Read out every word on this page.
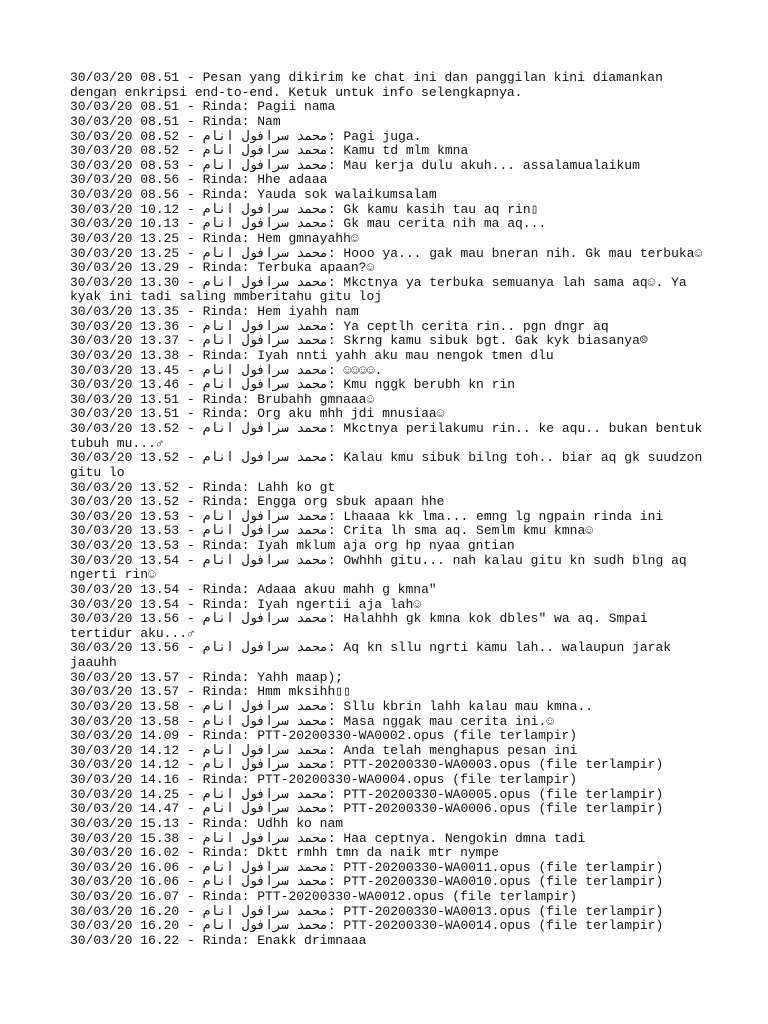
30/03/20 08.51 - Pesan yang dikirim ke chat ini dan panggilan kini diamankan dengan enkripsi end-to-end. Ketuk untuk info selengkapnya.
30/03/20 08.51 - Rinda: Pagii nama
30/03/20 08.51 - Rinda: Nam
30/03/20 08.52 - محمد سرافول انام: Pagi juga.
30/03/20 08.52 - محمد سرافول انام: Kamu td mlm kmna
30/03/20 08.53 - محمد سرافول انام: Mau kerja dulu akuh... assalamualaikum
30/03/20 08.56 - Rinda: Hhe adaaa
30/03/20 08.56 - Rinda: Yauda sok walaikumsalam
30/03/20 10.12 - محمد سرافول انام: Gk kamu kasih tau aq rin▯
30/03/20 10.13 - محمد سرافول انام: Gk mau cerita nih ma aq...
30/03/20 13.25 - Rinda: Hem gmnayahh☺
30/03/20 13.25 - محمد سرافول انام: Hooo ya... gak mau bneran nih. Gk mau terbuka☺
30/03/20 13.29 - Rinda: Terbuka apaan?☺
30/03/20 13.30 - محمد سرافول انام: Mkctnya ya terbuka semuanya lah sama aq☺. Ya kyak ini tadi saling mmberitahu gitu loj
30/03/20 13.35 - Rinda: Hem iyahh nam
30/03/20 13.36 - محمد سرافول انام: Ya ceptlh cerita rin.. pgn dngr aq
30/03/20 13.37 - محمد سرافول انام: Skrng kamu sibuk bgt. Gak kyk biasanya☹
30/03/20 13.38 - Rinda: Iyah nnti yahh aku mau nengok tmen dlu
30/03/20 13.45 - محمد سرافول انام: ☺☺☺☺.
30/03/20 13.46 - محمد سرافول انام: Kmu nggk berubh kn rin
30/03/20 13.51 - Rinda: Brubahh gmnaaa☺
30/03/20 13.51 - Rinda: Org aku mhh jdi mnusiaa☺
30/03/20 13.52 - محمد سرافول انام: Mkctnya perilakumu rin.. ke aqu.. bukan bentuk tubuh mu...♂
30/03/20 13.52 - محمد سرافول انام: Kalau kmu sibuk bilng toh.. biar aq gk suudzon gitu lo
30/03/20 13.52 - Rinda: Lahh ko gt
30/03/20 13.52 - Rinda: Engga org sbuk apaan hhe
30/03/20 13.53 - محمد سرافول انام: Lhaaaa kk lma... emng lg ngpain rinda ini
30/03/20 13.53 - محمد سرافول انام: Crita lh sma aq. Semlm kmu kmna☺
30/03/20 13.53 - Rinda: Iyah mklum aja org hp nyaa gntian
30/03/20 13.54 - محمد سرافول انام: Owhhh gitu... nah kalau gitu kn sudh blng aq ngerti rin☺
30/03/20 13.54 - Rinda: Adaaa akuu mahh g kmna"
30/03/20 13.54 - Rinda: Iyah ngertii aja lah☺
30/03/20 13.56 - محمد سرافول انام: Halahhh gk kmna kok dbles" wa aq. Smpai tertidur aku...♂
30/03/20 13.56 - محمد سرافول انام: Aq kn sllu ngrti kamu lah.. walaupun jarak jaauhh
30/03/20 13.57 - Rinda: Yahh maap);
30/03/20 13.57 - Rinda: Hmm mksihh▯▯
30/03/20 13.58 - محمد سرافول انام: Sllu kbrin lahh kalau mau kmna..
30/03/20 13.58 - محمد سرافول انام: Masa nggak mau cerita ini.☺
30/03/20 14.09 - Rinda: PTT-20200330-WA0002.opus (file terlampir)
30/03/20 14.12 - محمد سرافول انام: Anda telah menghapus pesan ini
30/03/20 14.12 - محمد سرافول انام: PTT-20200330-WA0003.opus (file terlampir)
30/03/20 14.16 - Rinda: PTT-20200330-WA0004.opus (file terlampir)
30/03/20 14.25 - محمد سرافول انام: PTT-20200330-WA0005.opus (file terlampir)
30/03/20 14.47 - محمد سرافول انام: PTT-20200330-WA0006.opus (file terlampir)
30/03/20 15.13 - Rinda: Udhh ko nam
30/03/20 15.38 - محمد سرافول انام: Haa ceptnya. Nengokin dmna tadi
30/03/20 16.02 - Rinda: Dktt rmhh tmn da naik mtr nympe
30/03/20 16.06 - محمد سرافول انام: PTT-20200330-WA0011.opus (file terlampir)
30/03/20 16.06 - محمد سرافول انام: PTT-20200330-WA0010.opus (file terlampir)
30/03/20 16.07 - Rinda: PTT-20200330-WA0012.opus (file terlampir)
30/03/20 16.20 - محمد سرافول انام: PTT-20200330-WA0013.opus (file terlampir)
30/03/20 16.20 - محمد سرافول انام: PTT-20200330-WA0014.opus (file terlampir)
30/03/20 16.22 - Rinda: Enakk drimnaaa
